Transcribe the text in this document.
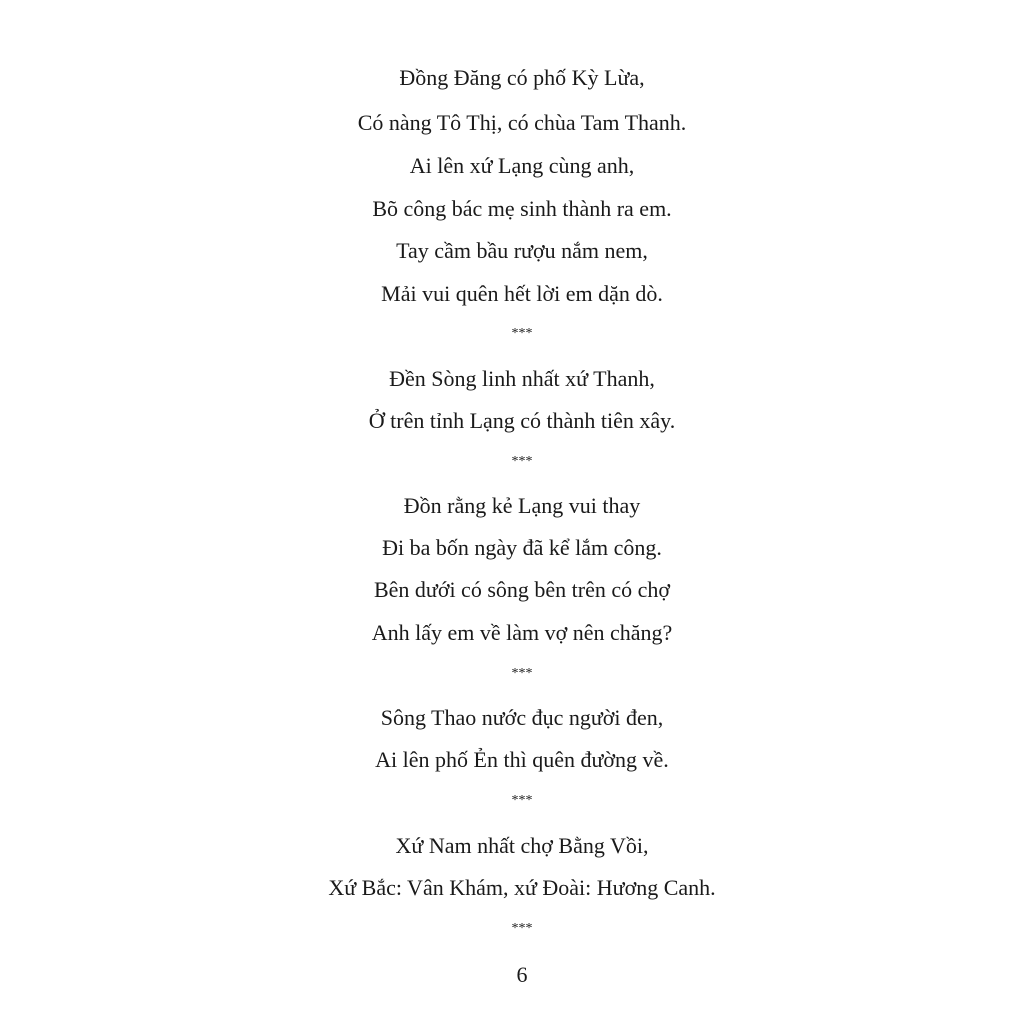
Đồng Đăng có phố Kỳ Lừa,
Có nàng Tô Thị, có chùa Tam Thanh.
Ai lên xứ Lạng cùng anh,
Bõ công bác mẹ sinh thành ra em.
Tay cầm bầu rượu nắm nem,
Mải vui quên hết lời em dặn dò.
***
Đền Sòng linh nhất xứ Thanh,
Ở trên tỉnh Lạng có thành tiên xây.
***
Đồn rằng kẻ Lạng vui thay
Đi ba bốn ngày đã kể lắm công.
Bên dưới có sông bên trên có chợ
Anh lấy em về làm vợ nên chăng?
***
Sông Thao nước đục người đen,
Ai lên phố Ẻn thì quên đường về.
***
Xứ Nam nhất chợ Bằng Vồi,
Xứ Bắc: Vân Khám, xứ Đoài: Hương Canh.
***
6
